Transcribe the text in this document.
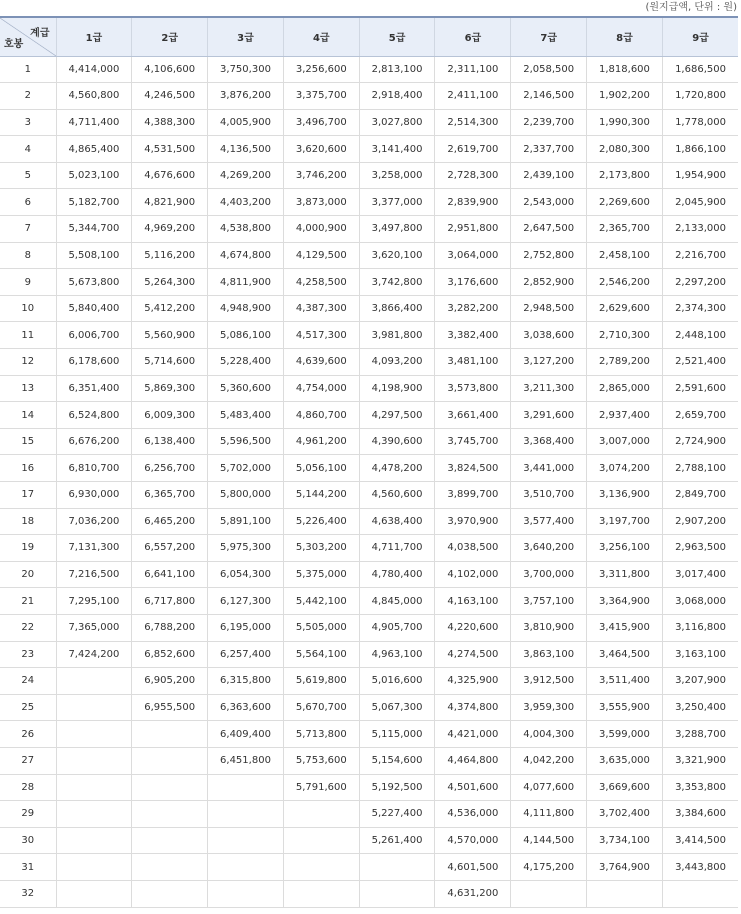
(원지급액, 단위 : 원)
계급
호봉	1급	2급	3급	4급	5급	6급	7급	8급	9급
1	4,414,000	4,106,600	3,750,300	3,256,600	2,813,100	2,311,100	2,058,500	1,818,600	1,686,500
2	4,560,800	4,246,500	3,876,200	3,375,700	2,918,400	2,411,100	2,146,500	1,902,200	1,720,800
3	4,711,400	4,388,300	4,005,900	3,496,700	3,027,800	2,514,300	2,239,700	1,990,300	1,778,000
4	4,865,400	4,531,500	4,136,500	3,620,600	3,141,400	2,619,700	2,337,700	2,080,300	1,866,100
5	5,023,100	4,676,600	4,269,200	3,746,200	3,258,000	2,728,300	2,439,100	2,173,800	1,954,900
6	5,182,700	4,821,900	4,403,200	3,873,000	3,377,000	2,839,900	2,543,000	2,269,600	2,045,900
7	5,344,700	4,969,200	4,538,800	4,000,900	3,497,800	2,951,800	2,647,500	2,365,700	2,133,000
8	5,508,100	5,116,200	4,674,800	4,129,500	3,620,100	3,064,000	2,752,800	2,458,100	2,216,700
9	5,673,800	5,264,300	4,811,900	4,258,500	3,742,800	3,176,600	2,852,900	2,546,200	2,297,200
10	5,840,400	5,412,200	4,948,900	4,387,300	3,866,400	3,282,200	2,948,500	2,629,600	2,374,300
11	6,006,700	5,560,900	5,086,100	4,517,300	3,981,800	3,382,400	3,038,600	2,710,300	2,448,100
12	6,178,600	5,714,600	5,228,400	4,639,600	4,093,200	3,481,100	3,127,200	2,789,200	2,521,400
13	6,351,400	5,869,300	5,360,600	4,754,000	4,198,900	3,573,800	3,211,300	2,865,000	2,591,600
14	6,524,800	6,009,300	5,483,400	4,860,700	4,297,500	3,661,400	3,291,600	2,937,400	2,659,700
15	6,676,200	6,138,400	5,596,500	4,961,200	4,390,600	3,745,700	3,368,400	3,007,000	2,724,900
16	6,810,700	6,256,700	5,702,000	5,056,100	4,478,200	3,824,500	3,441,000	3,074,200	2,788,100
17	6,930,000	6,365,700	5,800,000	5,144,200	4,560,600	3,899,700	3,510,700	3,136,900	2,849,700
18	7,036,200	6,465,200	5,891,100	5,226,400	4,638,400	3,970,900	3,577,400	3,197,700	2,907,200
19	7,131,300	6,557,200	5,975,300	5,303,200	4,711,700	4,038,500	3,640,200	3,256,100	2,963,500
20	7,216,500	6,641,100	6,054,300	5,375,000	4,780,400	4,102,000	3,700,000	3,311,800	3,017,400
21	7,295,100	6,717,800	6,127,300	5,442,100	4,845,000	4,163,100	3,757,100	3,364,900	3,068,000
22	7,365,000	6,788,200	6,195,000	5,505,000	4,905,700	4,220,600	3,810,900	3,415,900	3,116,800
23	7,424,200	6,852,600	6,257,400	5,564,100	4,963,100	4,274,500	3,863,100	3,464,500	3,163,100
24		6,905,200	6,315,800	5,619,800	5,016,600	4,325,900	3,912,500	3,511,400	3,207,900
25		6,955,500	6,363,600	5,670,700	5,067,300	4,374,800	3,959,300	3,555,900	3,250,400
26			6,409,400	5,713,800	5,115,000	4,421,000	4,004,300	3,599,000	3,288,700
27			6,451,800	5,753,600	5,154,600	4,464,800	4,042,200	3,635,000	3,321,900
28				5,791,600	5,192,500	4,501,600	4,077,600	3,669,600	3,353,800
29					5,227,400	4,536,000	4,111,800	3,702,400	3,384,600
30					5,261,400	4,570,000	4,144,500	3,734,100	3,414,500
31						4,601,500	4,175,200	3,764,900	3,443,800
32						4,631,200			
